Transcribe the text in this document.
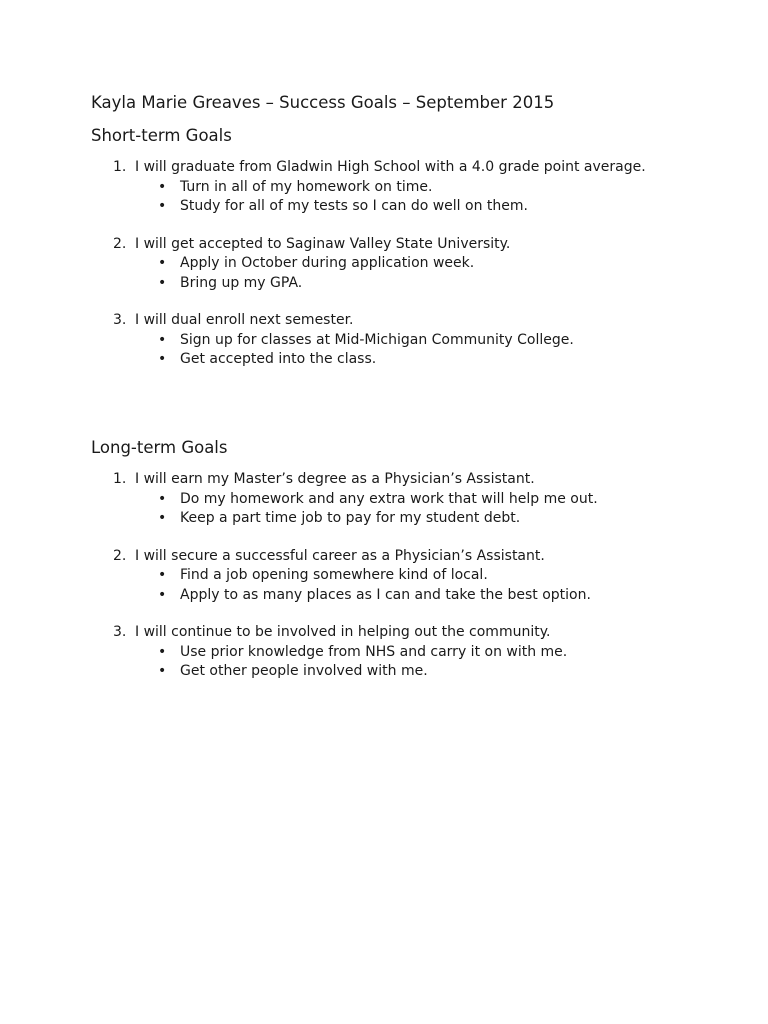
Kayla Marie Greaves – Success Goals – September 2015
Short-term Goals
1. I will graduate from Gladwin High School with a 4.0 grade point average.
• Turn in all of my homework on time.
• Study for all of my tests so I can do well on them.
2. I will get accepted to Saginaw Valley State University.
• Apply in October during application week.
• Bring up my GPA.
3. I will dual enroll next semester.
• Sign up for classes at Mid-Michigan Community College.
• Get accepted into the class.
Long-term Goals
1. I will earn my Master’s degree as a Physician’s Assistant.
• Do my homework and any extra work that will help me out.
• Keep a part time job to pay for my student debt.
2. I will secure a successful career as a Physician’s Assistant.
• Find a job opening somewhere kind of local.
• Apply to as many places as I can and take the best option.
3. I will continue to be involved in helping out the community.
• Use prior knowledge from NHS and carry it on with me.
• Get other people involved with me.
